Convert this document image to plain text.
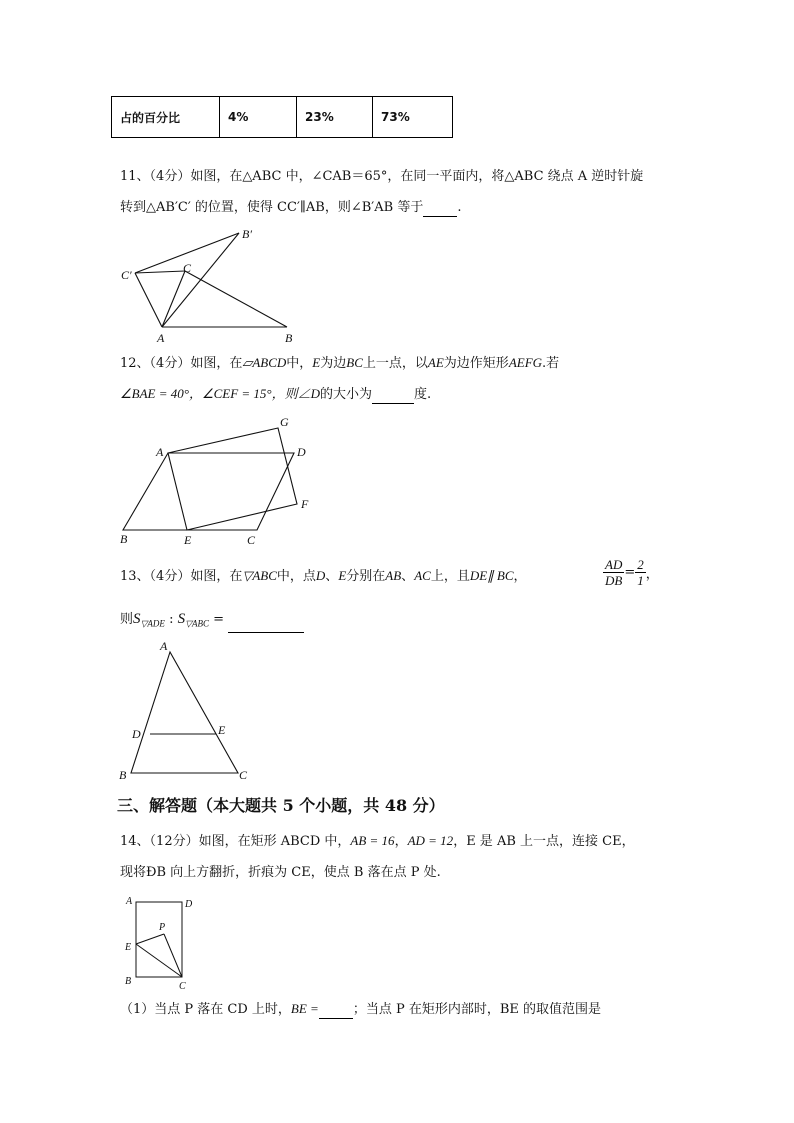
占的百分比	4%	23%	73%
11、（4分）如图，在△ABC 中，∠CAB＝65°，在同一平面内，将△ABC 绕点 A 逆时针旋
转到△AB′C′ 的位置，使得 CC′∥AB，则∠B′AB 等于	.
B′
C′	C
A	B
12、（4分）如图，在▱ABCD中，E为边BC上一点，以AE为边作矩形AEFG.若
∠BAE = 40°，∠CEF = 15°，则∠D的大小为	度.
G
A	D
F
B	E	C
13、（4分）如图，在▽ABC中，点D、E分别在AB、AC上，且DE∥ BC，	$\frac{AD}{DB} = \frac{2}{1}$ ，
则$S_{▽ADE}$ : $S_{▽ABC}$ =
A
D	E
B	C
三、解答题（本大题共 5 个小题，共 48 分）
14、（12分）如图，在矩形 ABCD 中，AB = 16，AD = 12，E 是 AB 上一点，连接 CE，
现将ÐB 向上方翻折，折痕为 CE，使点 B 落在点 P 处.
A	D
P
E
B	C
（1）当点 P 落在 CD 上时，BE =	；当点 P 在矩形内部时，BE 的取值范围是
